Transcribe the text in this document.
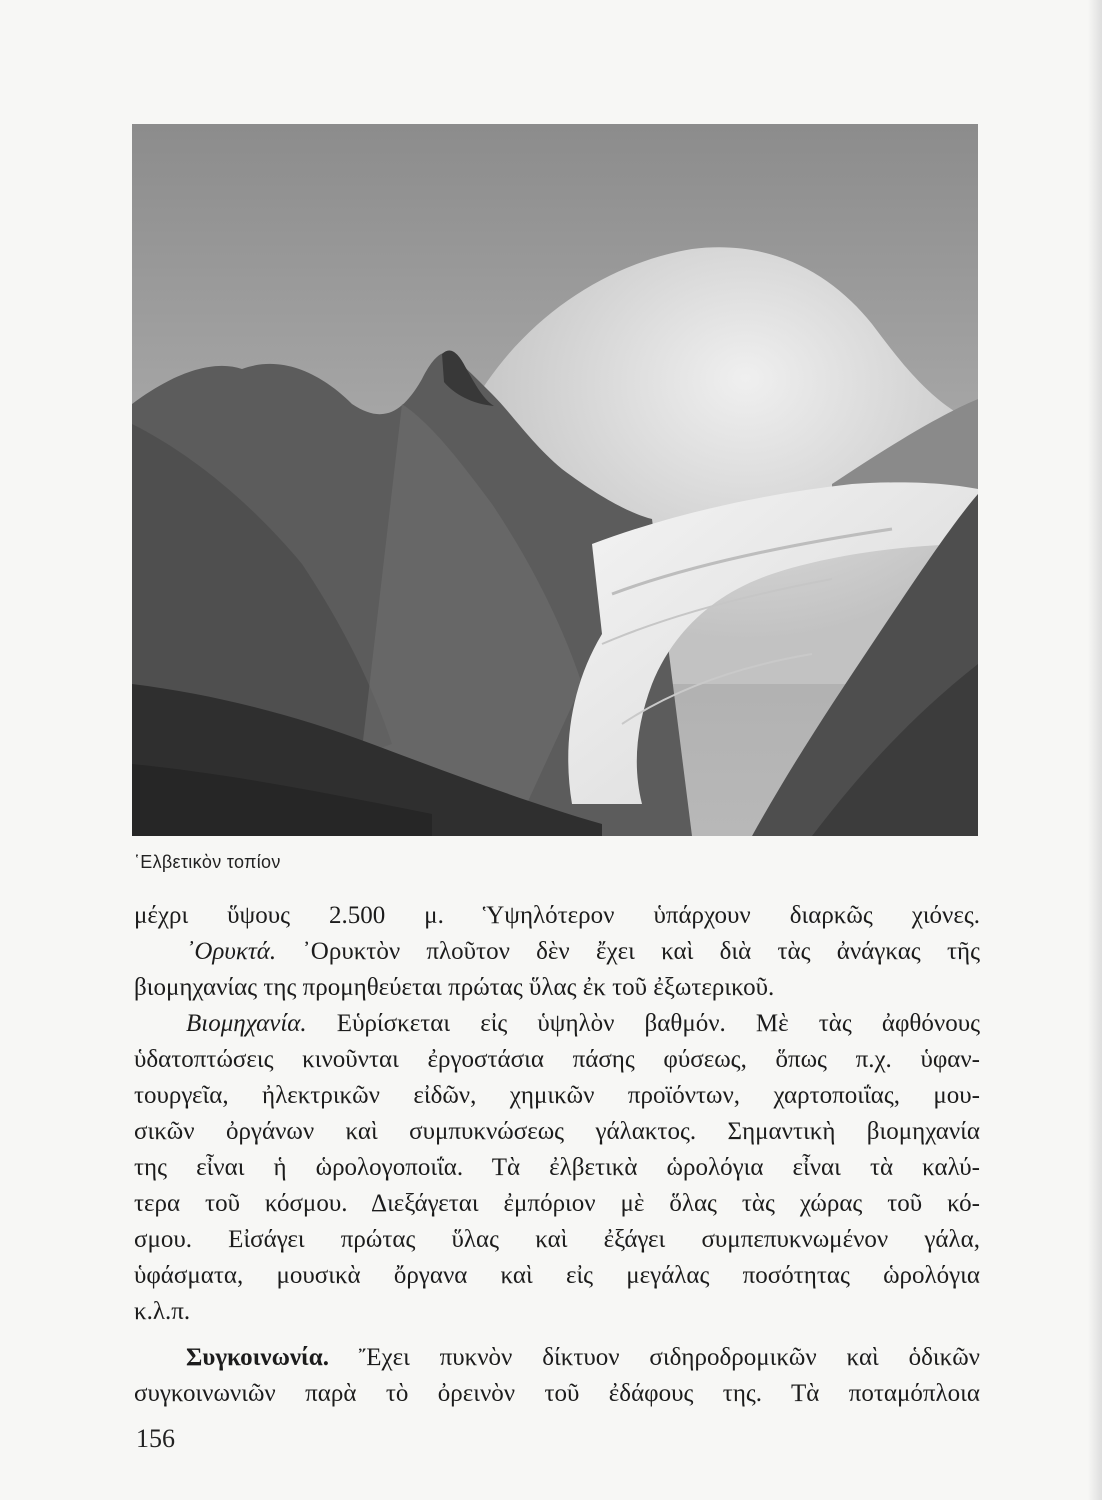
῾Ελβετικὸν τοπίον
μέχρι ὕψους 2.500 μ. Ὑψηλότερον ὑπάρχουν διαρκῶς χιόνες.
᾿Ορυκτά. ᾿Ορυκτὸν πλοῦτον δὲν ἔχει καὶ διὰ τὰς ἀνάγκας τῆς
βιομηχανίας της προμηθεύεται πρώτας ὕλας ἐκ τοῦ ἐξωτερικοῦ.
Βιομηχανία. Εὑρίσκεται εἰς ὑψηλὸν βαθμόν. Μὲ τὰς ἀφθόνους
ὑδατοπτώσεις κινοῦνται ἐργοστάσια πάσης φύσεως, ὅπως π.χ. ὑφαν-
τουργεῖα, ἠλεκτρικῶν εἰδῶν, χημικῶν προϊόντων, χαρτοποιΐας, μου-
σικῶν ὀργάνων καὶ συμπυκνώσεως γάλακτος. Σημαντικὴ βιομηχανία
της εἶναι ἡ ὡρολογοποιΐα. Τὰ ἐλβετικὰ ὡρολόγια εἶναι τὰ καλύ-
τερα τοῦ κόσμου. Διεξάγεται ἐμπόριον μὲ ὅλας τὰς χώρας τοῦ κό-
σμου. Εἰσάγει πρώτας ὕλας καὶ ἐξάγει συμπεπυκνωμένον γάλα,
ὑφάσματα, μουσικὰ ὄργανα καὶ εἰς μεγάλας ποσότητας ὡρολόγια
κ.λ.π.
Συγκοινωνία. Ἔχει πυκνὸν δίκτυον σιδηροδρομικῶν καὶ ὁδικῶν
συγκοινωνιῶν παρὰ τὸ ὀρεινὸν τοῦ ἐδάφους της. Τὰ ποταμόπλοια
156
